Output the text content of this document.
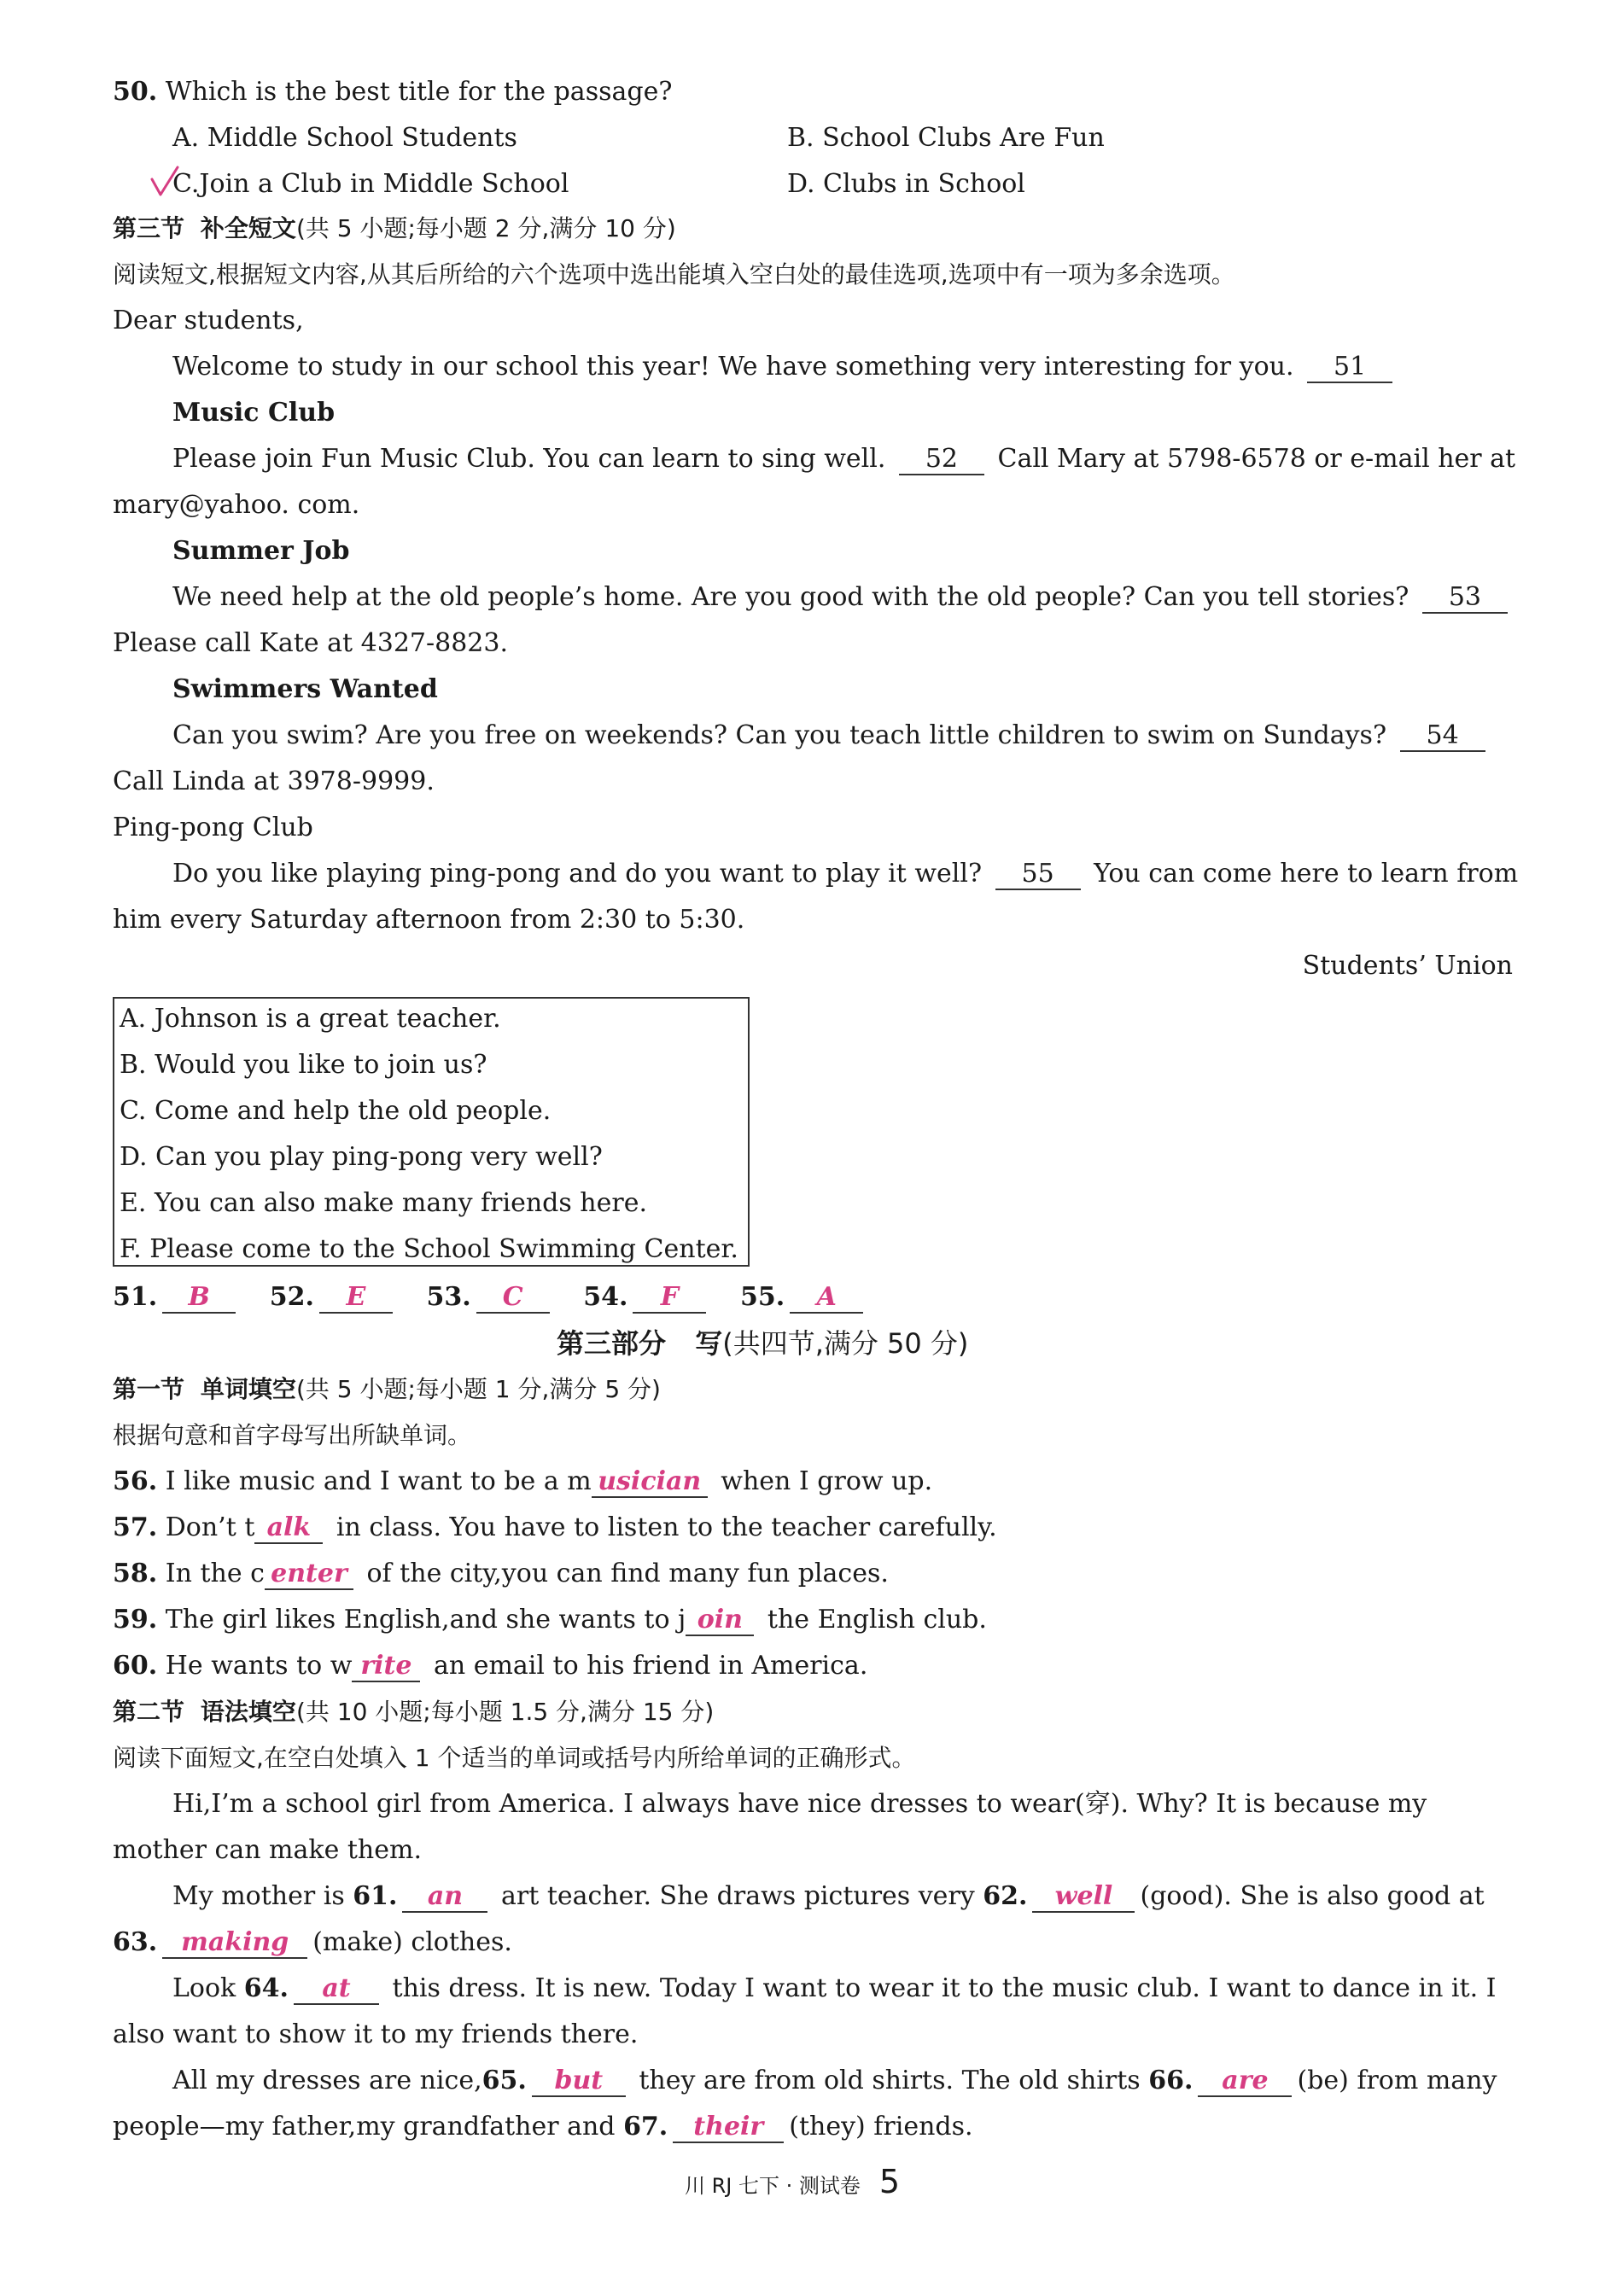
50. Which is the best title for the passage?
A. Middle School Students	B. School Clubs Are Fun
C.Join a Club in Middle School	D. Clubs in School
第三节 补全短文(共 5 小题;每小题 2 分,满分 10 分)
阅读短文,根据短文内容,从其后所给的六个选项中选出能填入空白处的最佳选项,选项中有一项为多余选项。
Dear students,
Welcome to study in our school this year! We have something very interesting for you. 51
Music Club
Please join Fun Music Club. You can learn to sing well. 52 Call Mary at 5798-6578 or e-mail her at
mary@yahoo. com.
Summer Job
We need help at the old people’s home. Are you good with the old people? Can you tell stories? 53
Please call Kate at 4327-8823.
Swimmers Wanted
Can you swim? Are you free on weekends? Can you teach little children to swim on Sundays? 54
Call Linda at 3978-9999.
Ping-pong Club
Do you like playing ping-pong and do you want to play it well? 55 You can come here to learn from
him every Saturday afternoon from 2:30 to 5:30.
Students’ Union
A. Johnson is a great teacher.
B. Would you like to join us?
C. Come and help the old people.
D. Can you play ping-pong very well?
E. You can also make many friends here.
F. Please come to the School Swimming Center.
51. B 52. E 53. C 54. F 55. A
第三部分 写(共四节,满分 50 分)
第一节 单词填空(共 5 小题;每小题 1 分,满分 5 分)
根据句意和首字母写出所缺单词。
56. I like music and I want to be a m usician when I grow up.
57. Don’t t alk in class. You have to listen to the teacher carefully.
58. In the c enter of the city,you can find many fun places.
59. The girl likes English,and she wants to j oin the English club.
60. He wants to w rite an email to his friend in America.
第二节 语法填空(共 10 小题;每小题 1.5 分,满分 15 分)
阅读下面短文,在空白处填入 1 个适当的单词或括号内所给单词的正确形式。
Hi,I’m a school girl from America. I always have nice dresses to wear(穿). Why? It is because my
mother can make them.
My mother is 61. an art teacher. She draws pictures very 62. well (good). She is also good at
63. making (make) clothes.
Look 64. at this dress. It is new. Today I want to wear it to the music club. I want to dance in it. I
also want to show it to my friends there.
All my dresses are nice,65. but they are from old shirts. The old shirts 66. are (be) from many
people—my father,my grandfather and 67. their (they) friends.
川 RJ 七下 · 测试卷 5
